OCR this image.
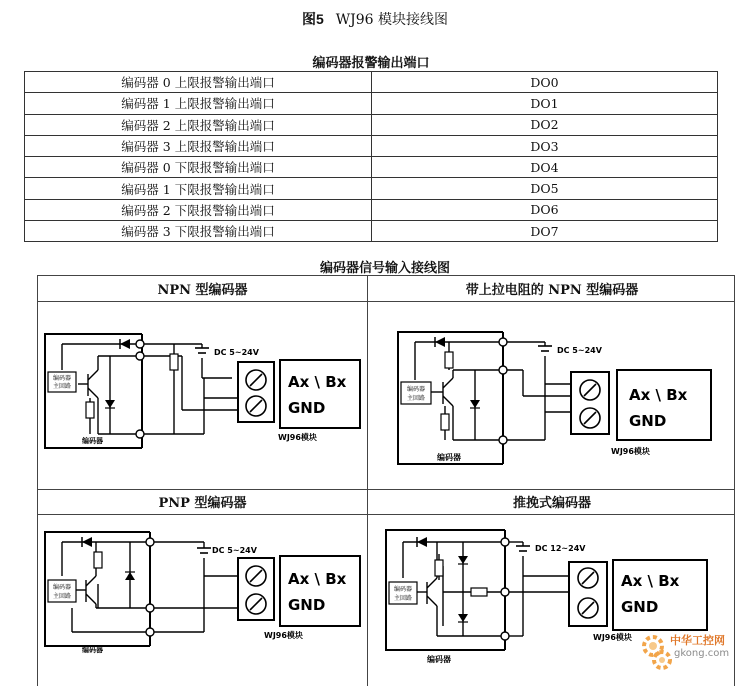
图5 WJ96 模块接线图
编码器报警输出端口
编码器 0 上限报警输出端口	DO0
编码器 1 上限报警输出端口	DO1
编码器 2 上限报警输出端口	DO2
编码器 3 上限报警输出端口	DO3
编码器 0 下限报警输出端口	DO4
编码器 1 下限报警输出端口	DO5
编码器 2 下限报警输出端口	DO6
编码器 3 下限报警输出端口	DO7
编码器信号输入接线图
NPN 型编码器	带上拉电阻的 NPN 型编码器
PNP 型编码器	推挽式编码器
编码器
主回路
DC 5~24V
编码器
Ax \ Bx
GND
WJ96模块
编码器
主回路
DC 5~24V
编码器
Ax \ Bx
GND
WJ96模块
编码器
主回路
DC 5~24V
编码器
Ax \ Bx
GND
WJ96模块
编码器
主回路
DC 12~24V
编码器
Ax \ Bx
GND
WJ96模块	中华工控网
gkong.com
